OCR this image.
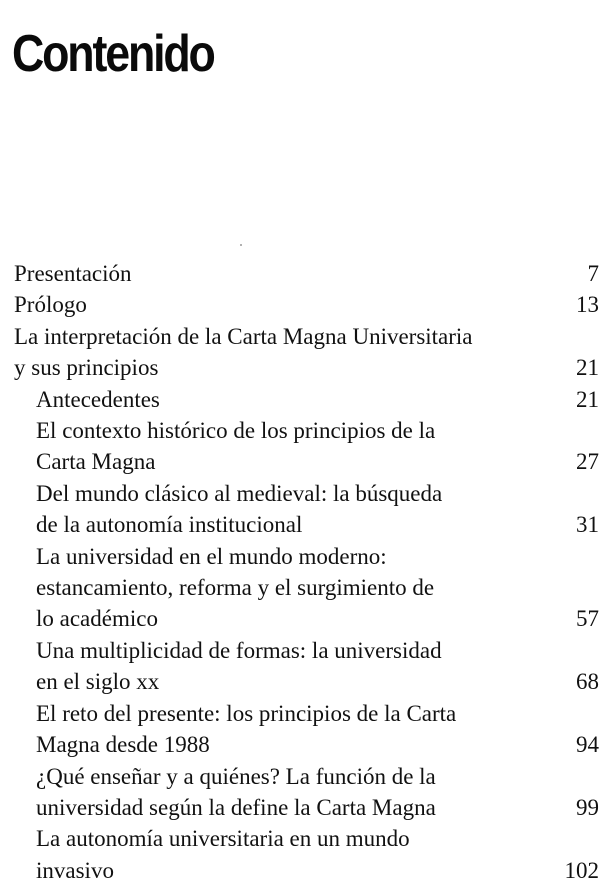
Contenido
Presentación	7
Prólogo	13
La interpretación de la Carta Magna Universitaria
y sus principios	21
Antecedentes	21
El contexto histórico de los principios de la
Carta Magna	27
Del mundo clásico al medieval: la búsqueda
de la autonomía institucional	31
La universidad en el mundo moderno:
estancamiento, reforma y el surgimiento de
lo académico	57
Una multiplicidad de formas: la universidad
en el siglo xx	68
El reto del presente: los principios de la Carta
Magna desde 1988	94
¿Qué enseñar y a quiénes? La función de la
universidad según la define la Carta Magna	99
La autonomía universitaria en un mundo
invasivo	102
